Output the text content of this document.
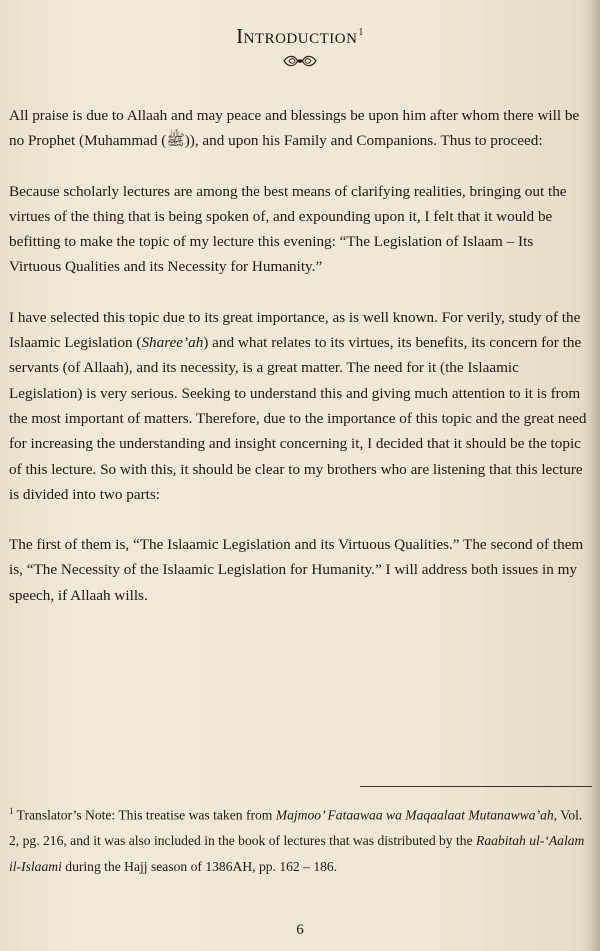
Introduction$^1$

All praise is due to Allaah and may peace and blessings be upon him after whom there will be no Prophet (Muhammad (ﷺ)), and upon his Family and Companions. Thus to proceed:

Because scholarly lectures are among the best means of clarifying realities, bringing out the virtues of the thing that is being spoken of, and expounding upon it, I felt that it would be befitting to make the topic of my lecture this evening: “The Legislation of Islaam – Its Virtuous Qualities and its Necessity for Humanity.”

I have selected this topic due to its great importance, as is well known. For verily, study of the Islaamic Legislation (Sharee’ah) and what relates to its virtues, its benefits, its concern for the servants (of Allaah), and its necessity, is a great matter. The need for it (the Islaamic Legislation) is very serious. Seeking to understand this and giving much attention to it is from the most important of matters. Therefore, due to the importance of this topic and the great need for increasing the understanding and insight concerning it, I decided that it should be the topic of this lecture. So with this, it should be clear to my brothers who are listening that this lecture is divided into two parts:

The first of them is, “The Islaamic Legislation and its Virtuous Qualities.” The second of them is, “The Necessity of the Islaamic Legislation for Humanity.” I will address both issues in my speech, if Allaah wills.

$^1$ Translator’s Note: This treatise was taken from Majmoo’ Fataawaa wa Maqaalaat Mutanawwa’ah, Vol. 2, pg. 216, and it was also included in the book of lectures that was distributed by the Raabitah ul-‘Aalam il-Islaami during the Hajj season of 1386AH, pp. 162 – 186.
6
